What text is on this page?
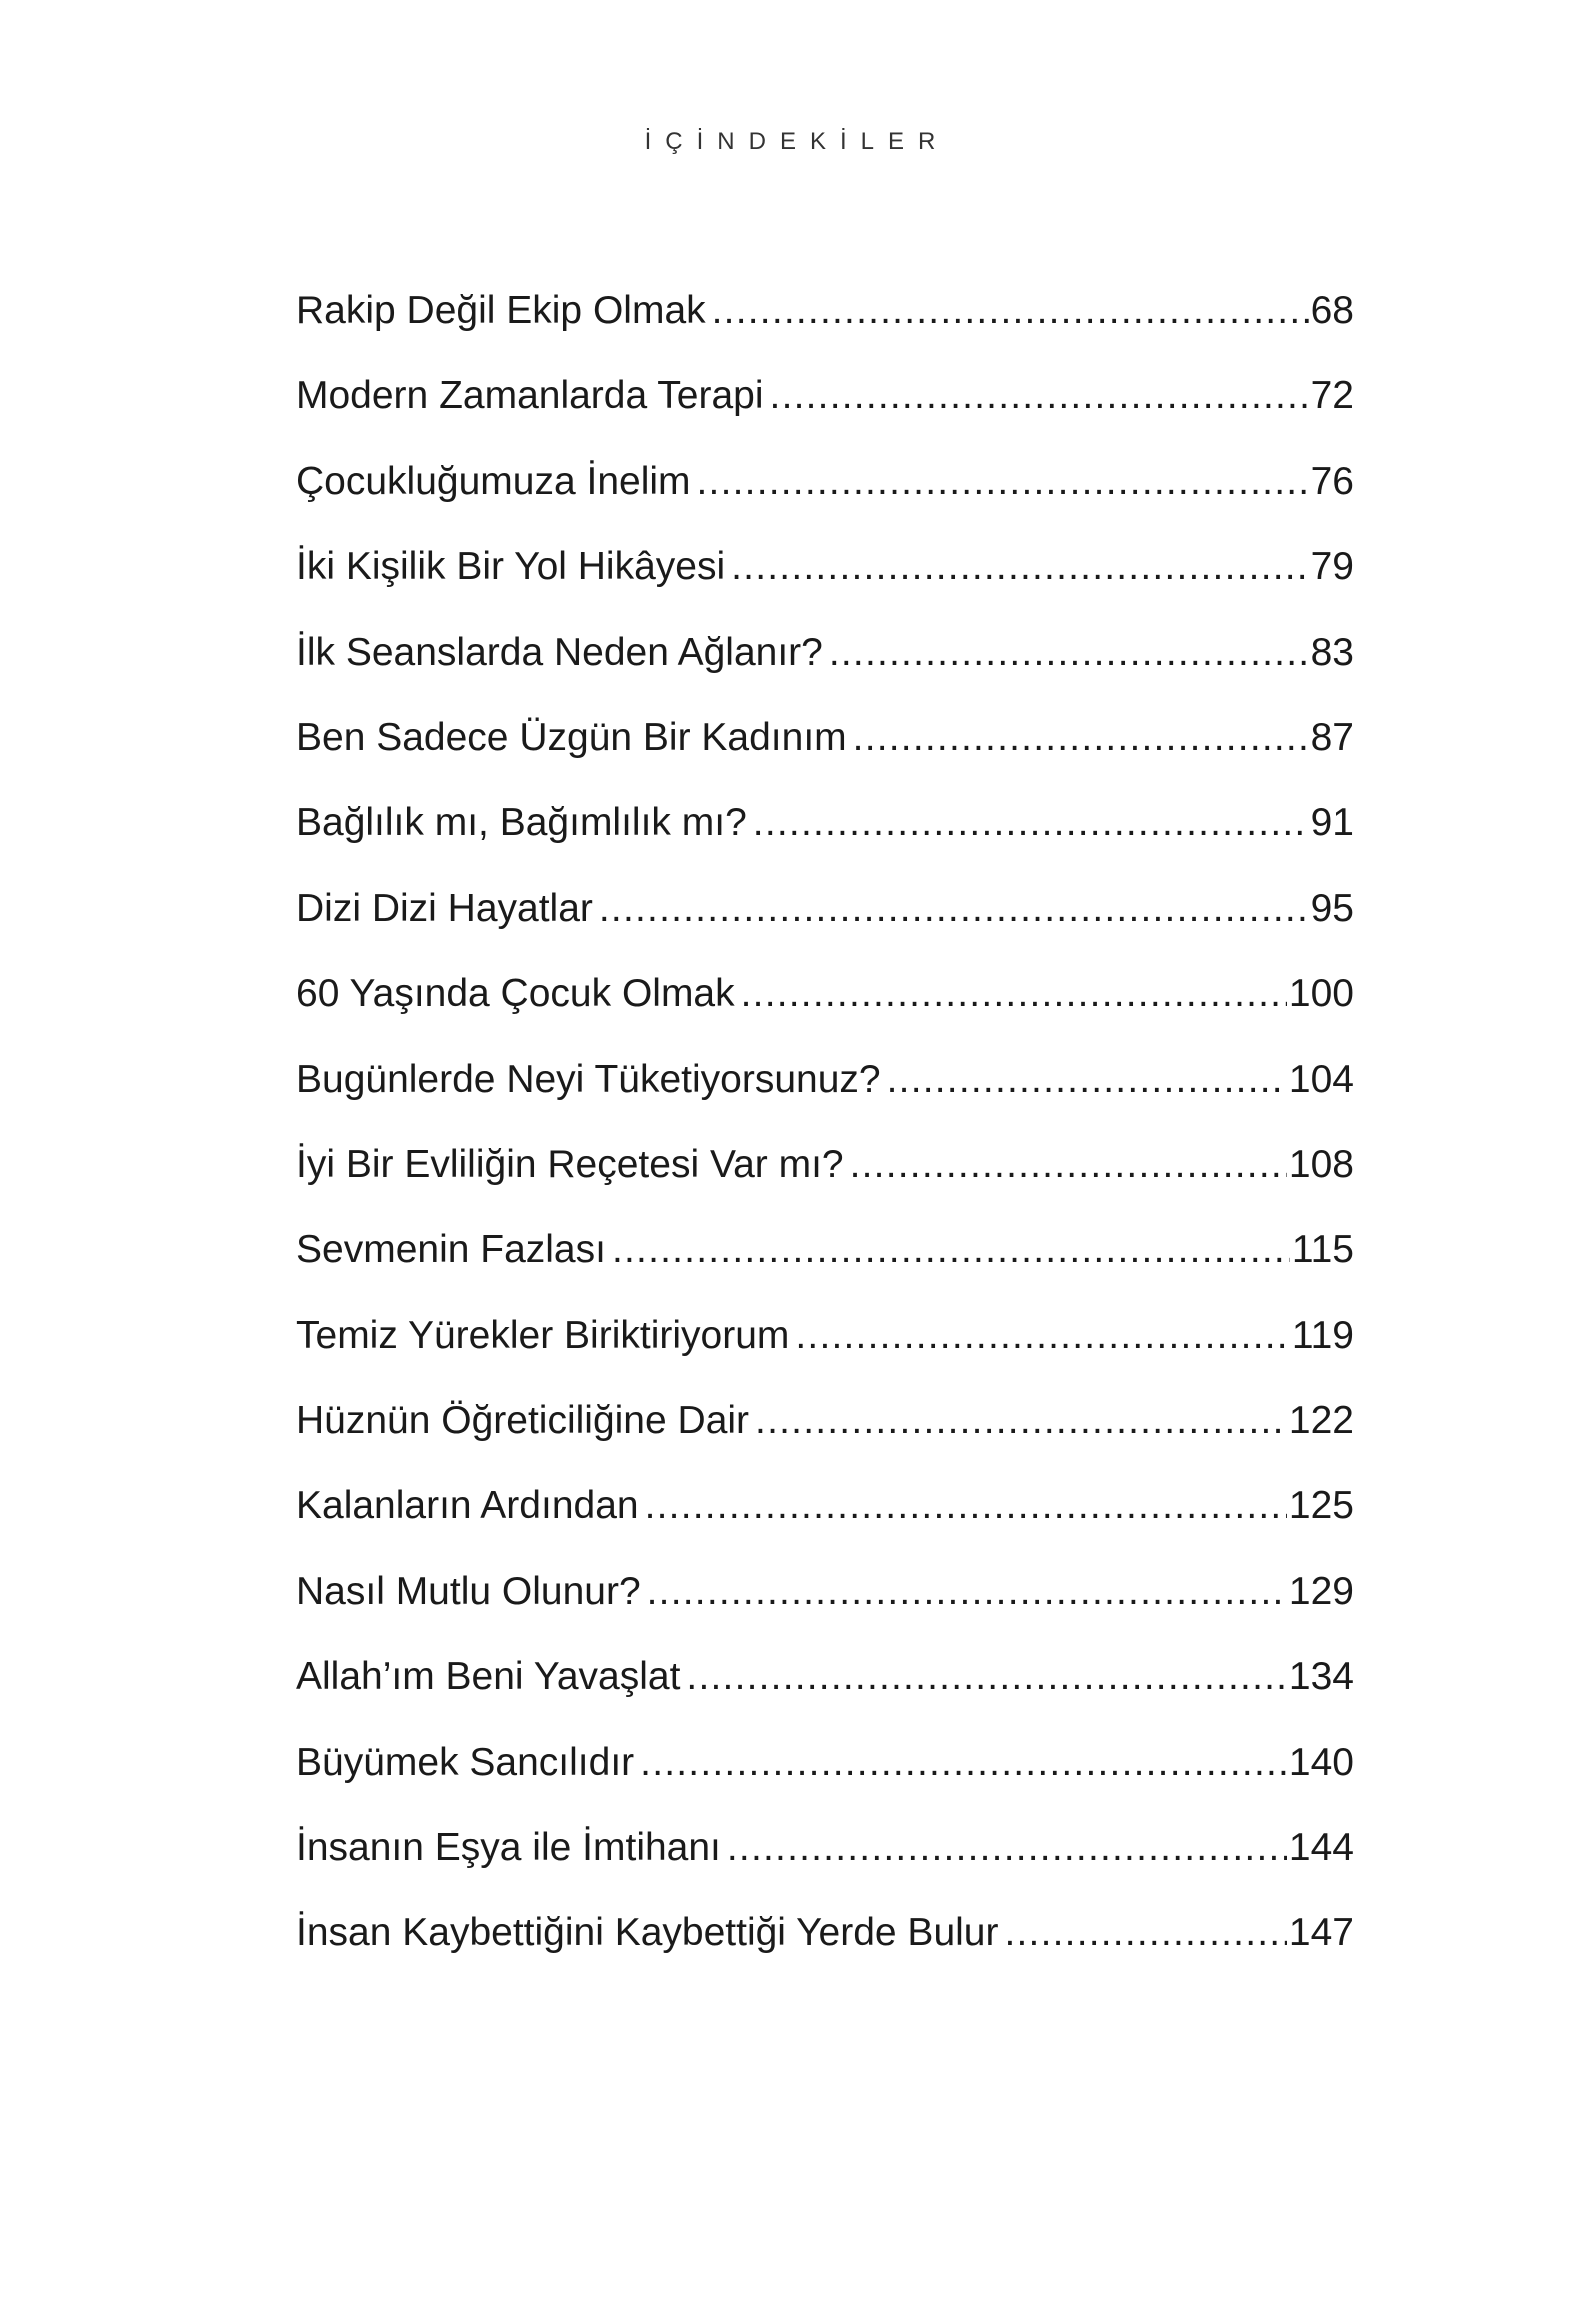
İÇİNDEKİLER
Rakip Değil Ekip Olmak .....	68
Modern Zamanlarda Terapi .....	72
Çocukluğumuza İnelim .....	76
İki Kişilik Bir Yol Hikâyesi .....	79
İlk Seanslarda Neden Ağlanır? .....	83
Ben Sadece Üzgün Bir Kadınım .....	87
Bağlılık mı, Bağımlılık mı? .....	91
Dizi Dizi Hayatlar .....	95
60 Yaşında Çocuk Olmak .....	100
Bugünlerde Neyi Tüketiyorsunuz? .....	104
İyi Bir Evliliğin Reçetesi Var mı? .....	108
Sevmenin Fazlası .....	115
Temiz Yürekler Biriktiriyorum .....	119
Hüznün Öğreticiliğine Dair .....	122
Kalanların Ardından .....	125
Nasıl Mutlu Olunur? .....	129
Allah’ım Beni Yavaşlat .....	134
Büyümek Sancılıdır .....	140
İnsanın Eşya ile İmtihanı .....	144
İnsan Kaybettiğini Kaybettiği Yerde Bulur .....	147
